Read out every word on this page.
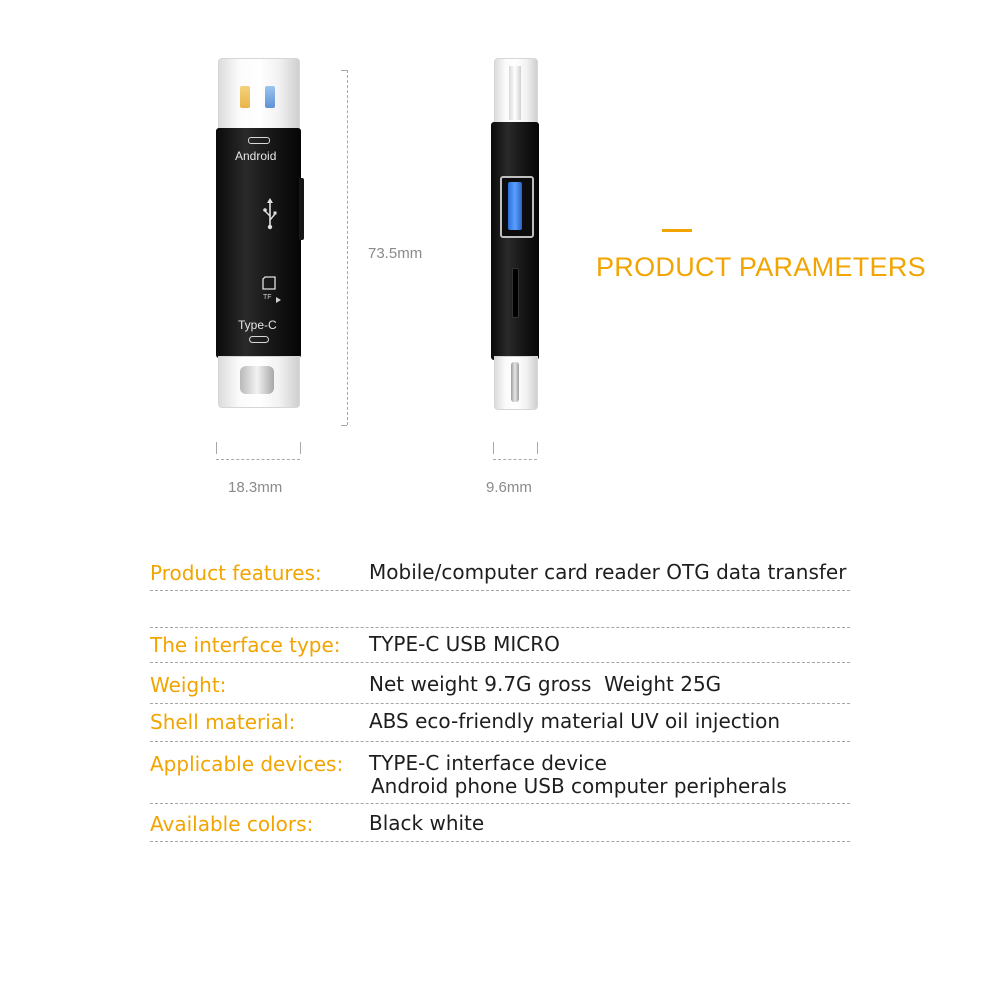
Android
TF
Type-C
73.5mm
18.3mm	9.6mm
PRODUCT PARAMETERS
Product features: Mobile/computer card reader OTG data transfer
The interface type: TYPE-C USB MICRO
Weight:	Net weight 9.7G gross  Weight 25G
Shell material:	ABS eco-friendly material UV oil injection
Applicable devices: TYPE-C interface device
Android phone USB computer peripherals
Available colors:	Black white
